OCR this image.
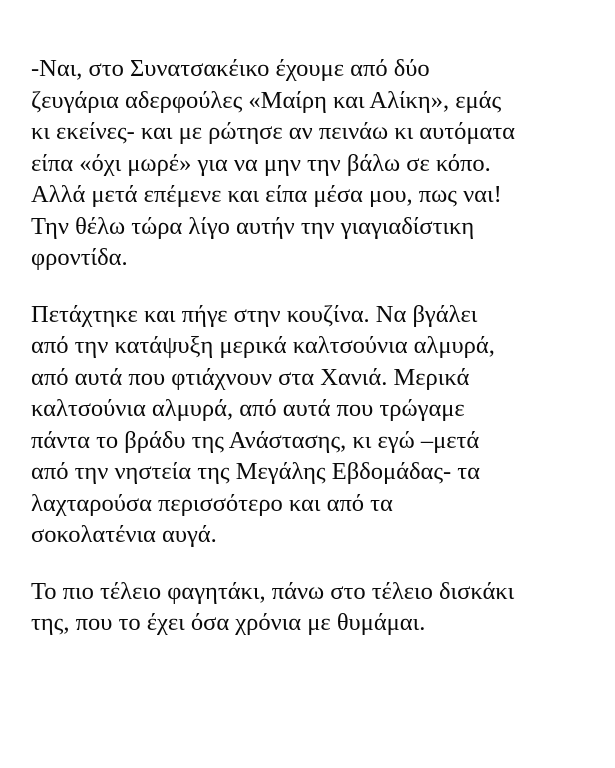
-Ναι, στο Συνατσακέικο έχουμε από δύο
ζευγάρια αδερφούλες «Μαίρη και Αλίκη», εμάς
κι εκείνες- και με ρώτησε αν πεινάω κι αυτόματα
είπα «όχι μωρέ» για να μην την βάλω σε κόπο.
Αλλά μετά επέμενε και είπα μέσα μου, πως ναι!
Την θέλω τώρα λίγο αυτήν την γιαγιαδίστικη
φροντίδα.

Πετάχτηκε και πήγε στην κουζίνα. Να βγάλει
από την κατάψυξη μερικά καλτσούνια αλμυρά,
από αυτά που φτιάχνουν στα Χανιά. Μερικά
καλτσούνια αλμυρά, από αυτά που τρώγαμε
πάντα το βράδυ της Ανάστασης, κι εγώ –μετά
από την νηστεία της Μεγάλης Εβδομάδας- τα
λαχταρούσα περισσότερο και από τα
σοκολατένια αυγά.

Το πιο τέλειο φαγητάκι, πάνω στο τέλειο δισκάκι
της, που το έχει όσα χρόνια με θυμάμαι.
